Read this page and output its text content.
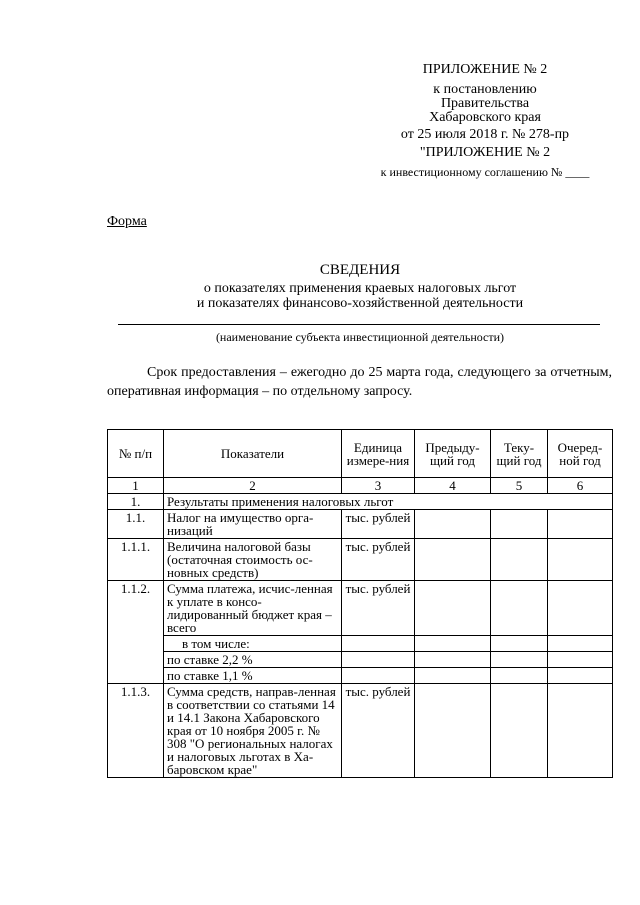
ПРИЛОЖЕНИЕ № 2
к постановлению
Правительства
Хабаровского края
от 25 июля 2018 г. № 278-пр
"ПРИЛОЖЕНИЕ № 2
к инвестиционному соглашению № ____
Форма
СВЕДЕНИЯ
о показателях применения краевых налоговых льгот
и показателях финансово-хозяйственной деятельности
(наименование субъекта инвестиционной деятельности)
Срок предоставления – ежегодно до 25 марта года, следующего за отчетным, оперативная информация – по отдельному запросу.
№ п/п	Показатели	Единица измере-ния	Предыду-щий год	Теку-щий год	Очеред-ной год
1	2	3	4	5	6
1.	Результаты применения налоговых льгот				
1.1.	Налог на имущество орга-низаций	тыс. рублей			
1.1.1.	Величина налоговой базы (остаточная стоимость ос-новных средств)	тыс. рублей			
1.1.2.	Сумма платежа, исчис-ленная к уплате в консо-лидированный бюджет края – всего	тыс. рублей			
	в том числе:				
	по ставке 2,2 %				
	по ставке 1,1 %				
1.1.3.	Сумма средств, направ-ленная в соответствии со статьями 14 и 14.1 Закона Хабаровского края от 10 ноября 2005 г. № 308 "О региональных налогах и налоговых льготах в Ха-баровском крае"	тыс. рублей			
